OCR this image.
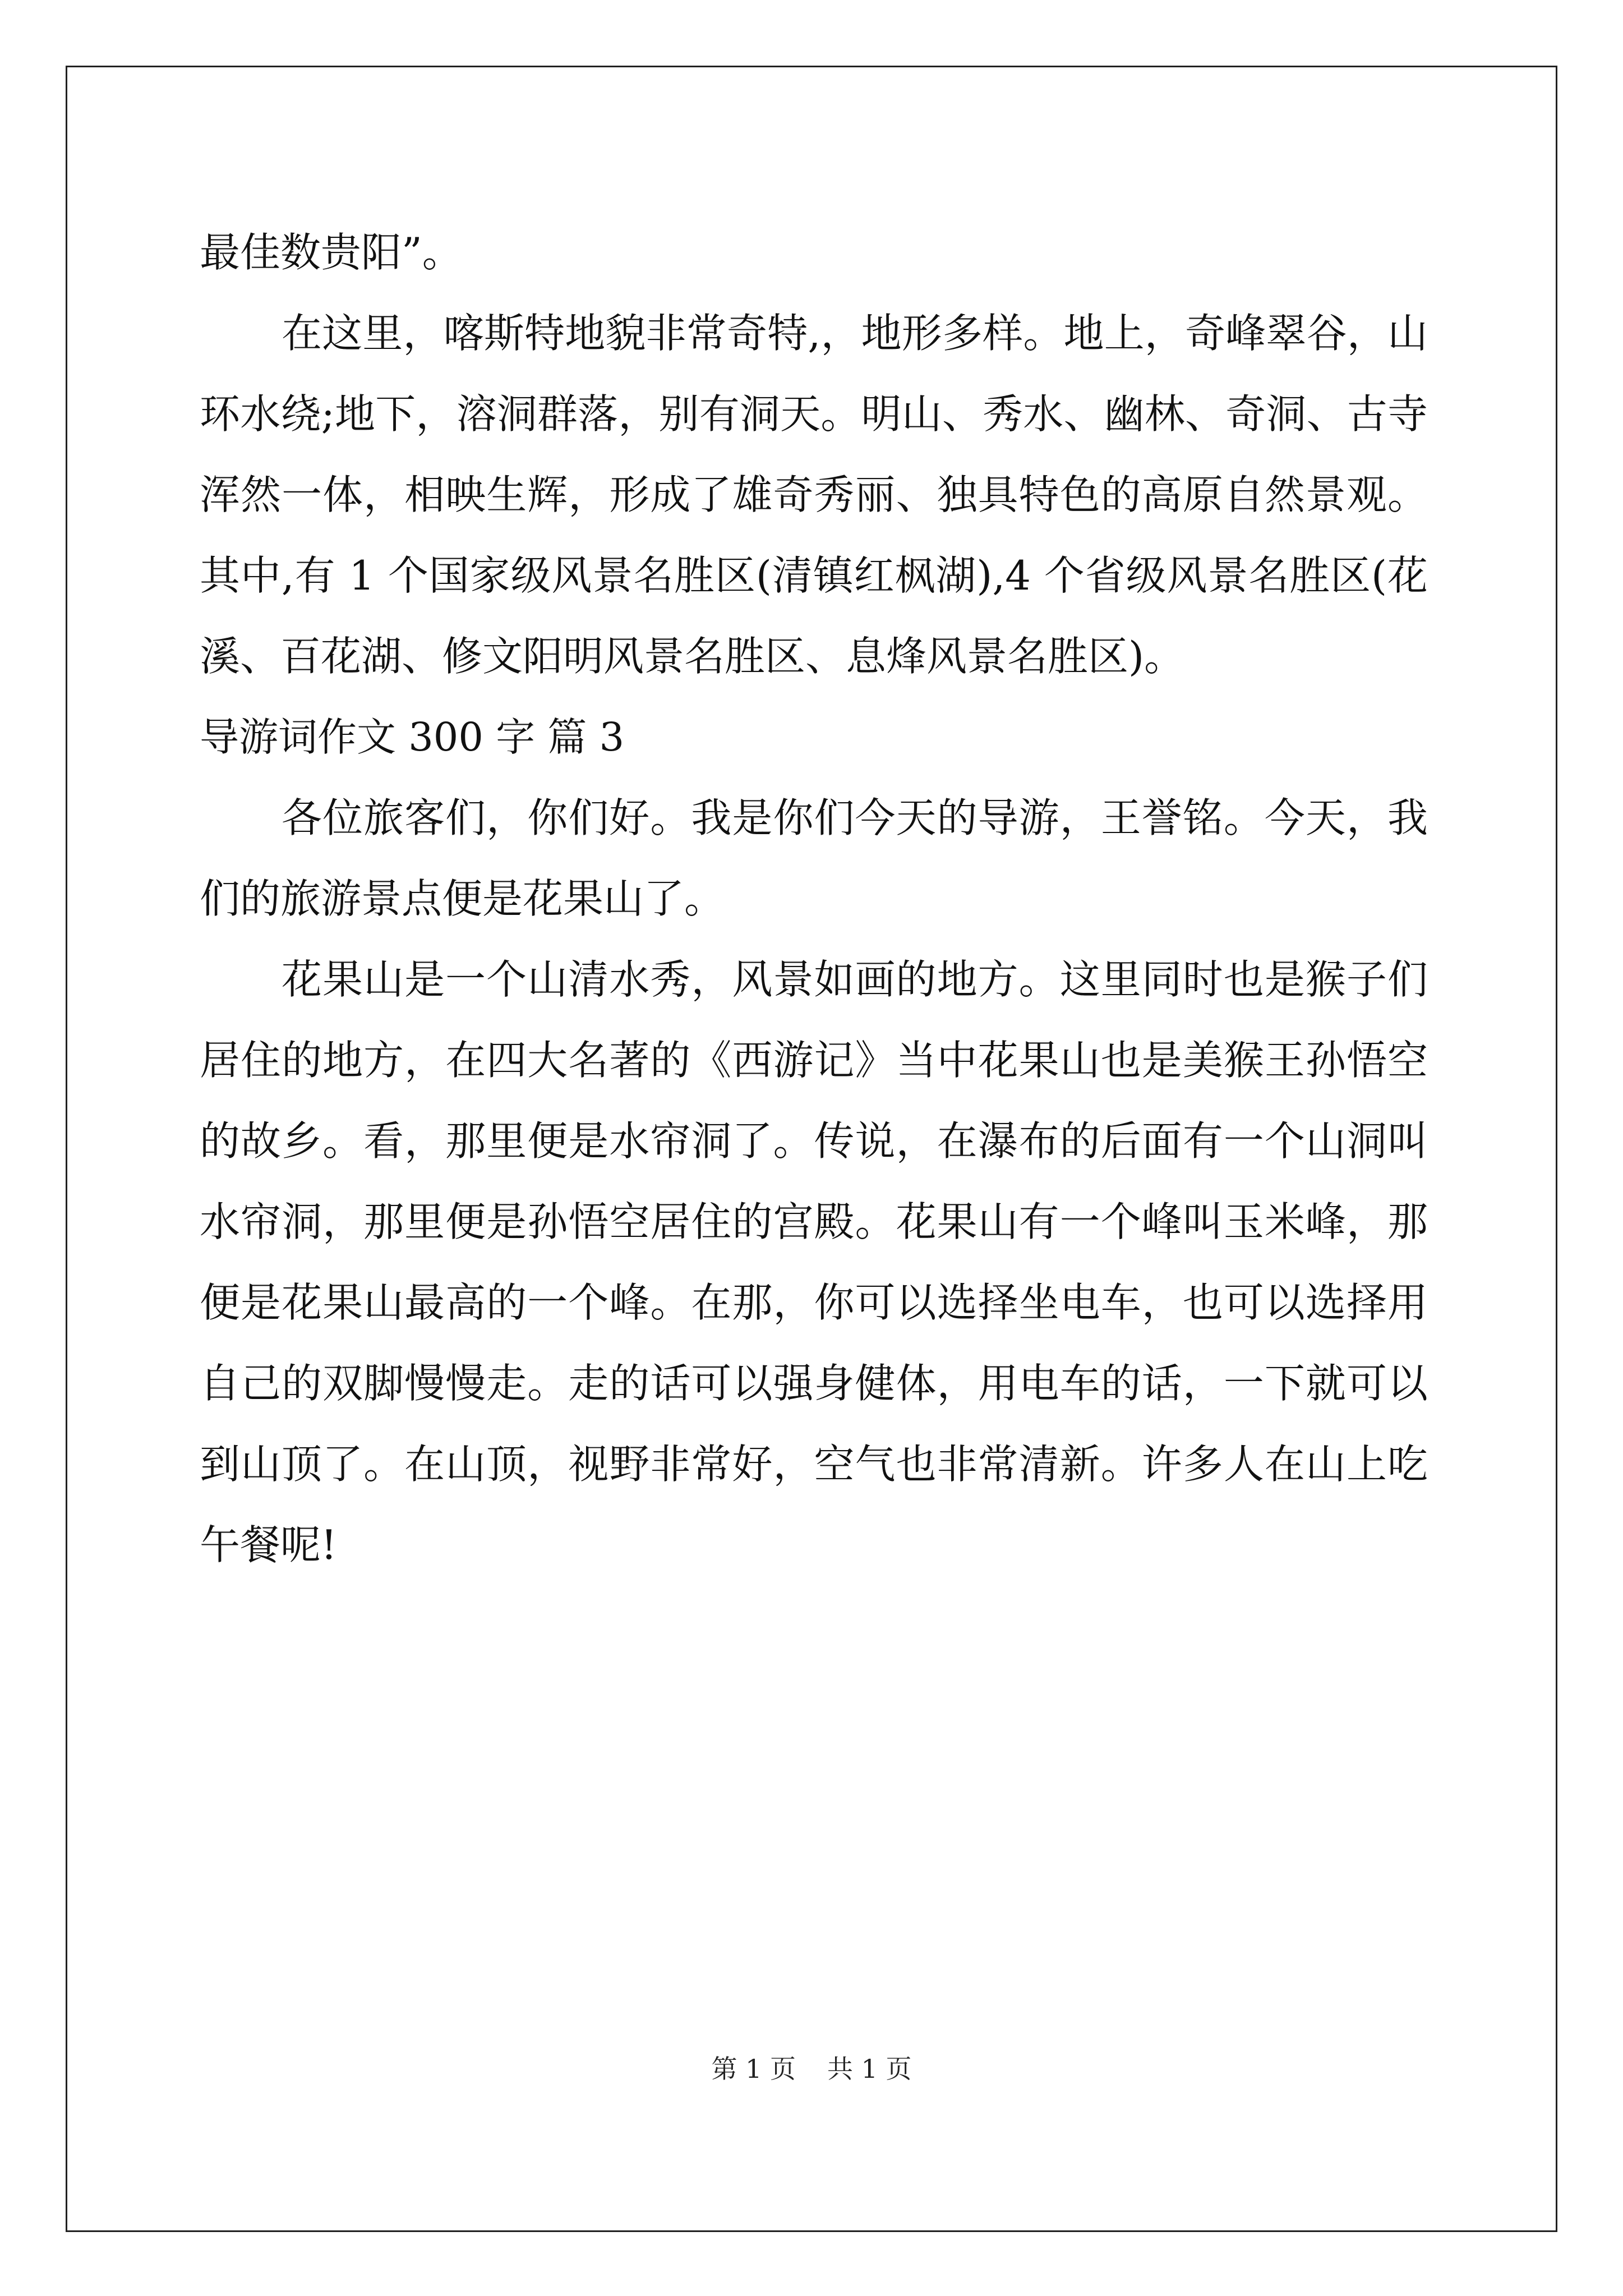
最佳数贵阳”。
在这里，喀斯特地貌非常奇特,，地形多样。地上，奇峰翠谷，山
环水绕;地下，溶洞群落，别有洞天。明山、秀水、幽林、奇洞、古寺
浑然一体，相映生辉，形成了雄奇秀丽、独具特色的高原自然景观。
其中,有 1 个国家级风景名胜区(清镇红枫湖),4 个省级风景名胜区(花
溪、百花湖、修文阳明风景名胜区、息烽风景名胜区)。
导游词作文 300 字 篇 3
各位旅客们，你们好。我是你们今天的导游，王誉铭。今天，我
们的旅游景点便是花果山了。
花果山是一个山清水秀，风景如画的地方。这里同时也是猴子们
居住的地方，在四大名著的《西游记》当中花果山也是美猴王孙悟空
的故乡。看，那里便是水帘洞了。传说，在瀑布的后面有一个山洞叫
水帘洞，那里便是孙悟空居住的宫殿。花果山有一个峰叫玉米峰，那
便是花果山最高的一个峰。在那，你可以选择坐电车，也可以选择用
自己的双脚慢慢走。走的话可以强身健体，用电车的话，一下就可以
到山顶了。在山顶，视野非常好，空气也非常清新。许多人在山上吃
午餐呢!
第 1 页 共 1 页
